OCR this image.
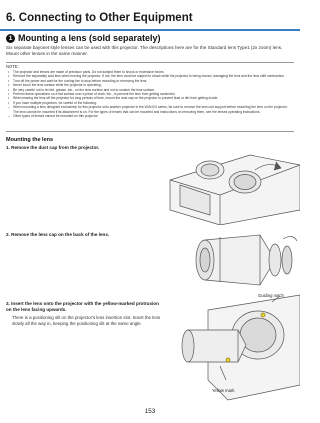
6. Connecting to Other Equipment
1 Mounting a lens (sold separately)
Six separate bayonet style lenses can be used with this projector. The descriptions here are for the Standard lens Type1 (2x zoom) lens. Mount other lenses in the same manner.
NOTE:
• The projector and lenses are made of precision parts. Do not subject them to shock or excessive forces.
• Remove the separately sold lens when moving the projector. If not, the lens could be subject to shock while the projector is being moved, damaging the lens and the lens shift mechanism.
• Turn off the power and wait for the cooling fan to stop before mounting or removing the lens.
• Never touch the lens surface while the projector is operating.
• Be very careful not to let dirt, grease, etc., on the lens surface and not to scratch the lens surface.
• Perform these operations on a flat surface over a piece of cloth, etc., to prevent the lens from getting scratched.
• When leaving the lens off the projector for long periods of time, mount the dust cap on the projector to prevent dust or dirt from getting inside.
• If you have multiple projectors, be careful of the following:
– When mounting a lens designed exclusively for this projector onto another projector in the W/A/X/X series, be sure to remove the lens unit support before mounting the lens on the projector. The lens cannot be mounted if its attachment is on. For the types of lenses that can be mounted and instructions on removing them, see the lenses operating instructions.
– Other types of lenses cannot be mounted on this projector.
Mounting the lens
1. Remove the dust cap from the projector.
2. Remove the lens cap on the back of the lens.
3. Insert the lens onto the projector with the yellow-marked protrusion on the lens facing upwards.
There is a positioning slit on the projector's lens insertion slot. Insert the lens slowly all the way in, keeping the positioning slit at the same angle.
Guiding notch
Yellow mark
153
